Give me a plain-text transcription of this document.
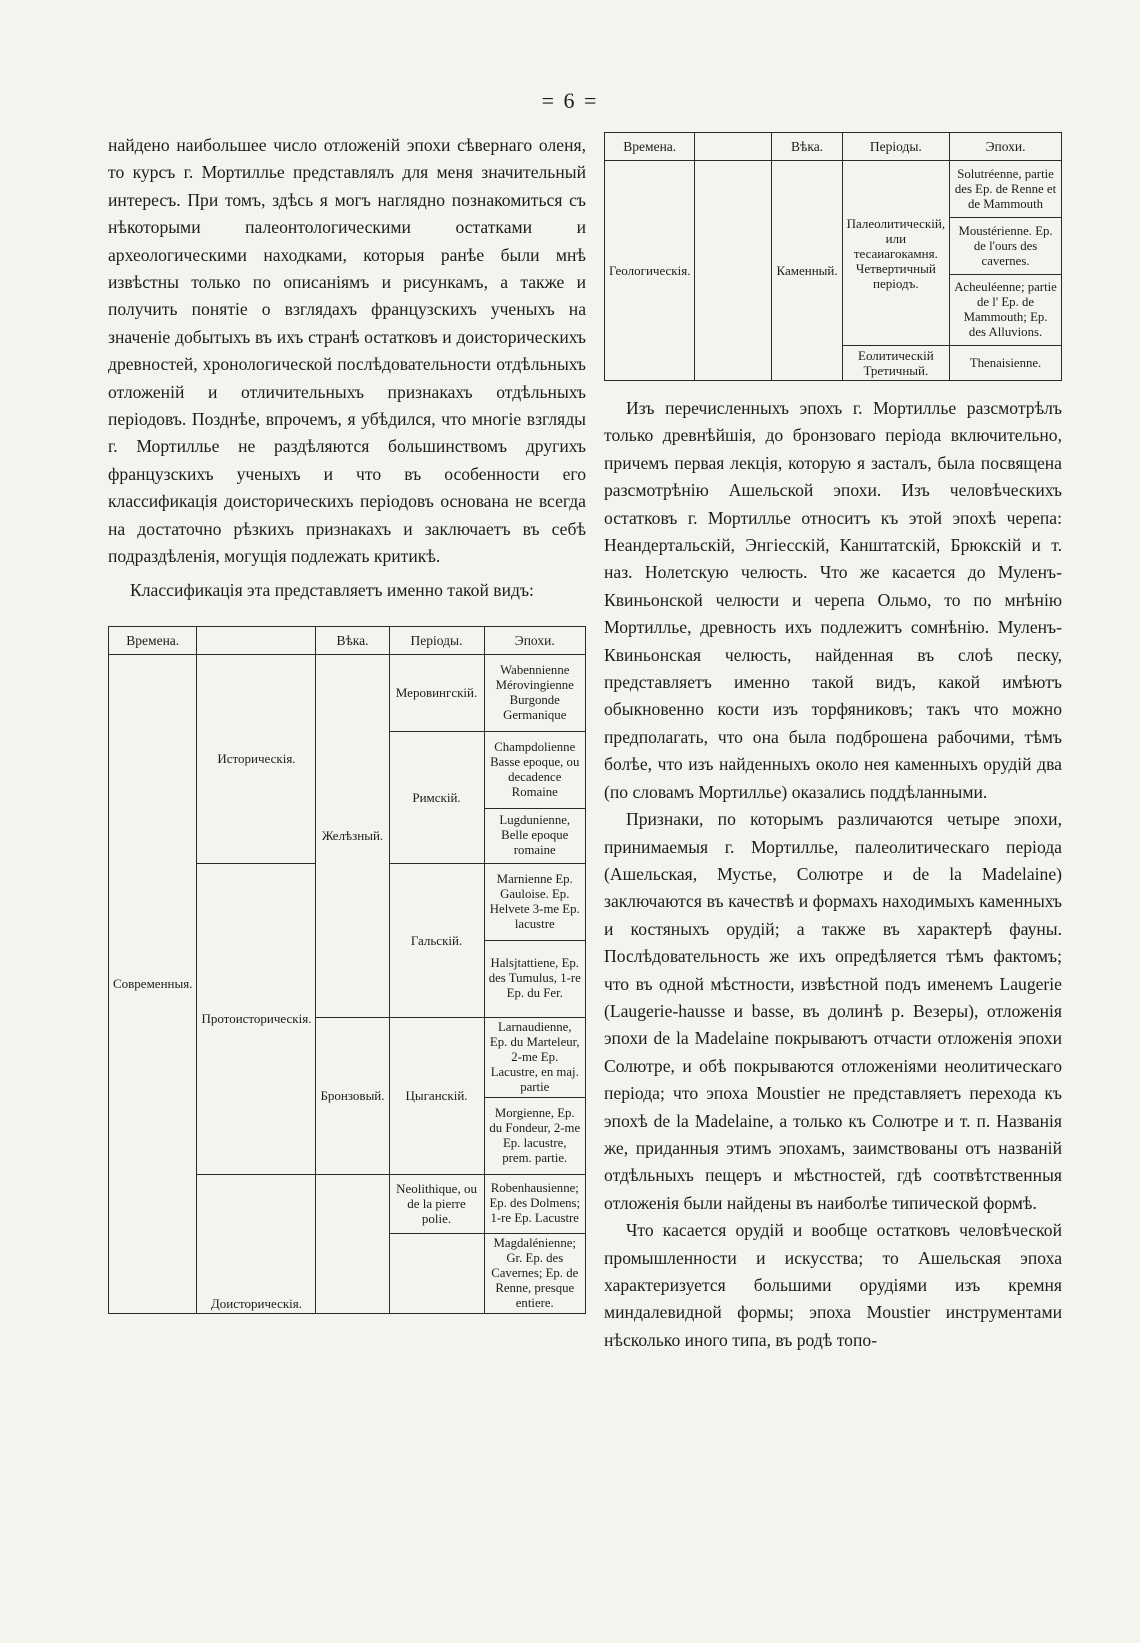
= 6 =

найдено наибольшее число отложеній эпохи сѣвернаго оленя, то курсъ г. Мортилльe представлялъ для меня значительный интересъ. При томъ, здѣсь я могъ наглядно познакомиться съ нѣкоторыми палеонтологическими остатками и археологическими находками, которыя ранѣе были мнѣ извѣстны только по описаніямъ и рисункамъ, а также и получить понятіе о взглядахъ французскихъ ученыхъ на значеніе добытыхъ въ ихъ странѣ остатковъ и доисторическихъ древностей, хронологической послѣдовательности отдѣльныхъ отложеній и отличительныхъ признакахъ отдѣльныхъ періодовъ. Позднѣе, впрочемъ, я убѣдился, что многіе взгляды г. Мортилльe не раздѣляются большинствомъ другихъ французскихъ ученыхъ и что въ особенности его классификація доисторическихъ періодовъ основана не всегда на достаточно рѣзкихъ признакахъ и заключаетъ въ себѣ подраздѣленія, могущія подлежать критикѣ.

Классификація эта представляетъ именно такой видъ:

Времена.		Вѣка.	Періоды.	Эпохи.
Современныя.	Историческія.	Желѣзный.	Меровингскій.	Wabennienne Mérovingienne Burgonde Germanique
			Римскій.	Champdolienne Basse epoque, ou decadence Romaine
				Lugdunienne, Belle epoque romaine
	Протоисторическія.		Гальскій.	Marnienne Ep. Gauloise. Ep. Helvete 3-me Ep. lacustre
				Halsjtattiene, Ep. des Tumulus, 1-re Ep. du Fer.
		Бронзовый.	Цыганскій.	Larnaudienne, Ep. du Marteleur, 2-me Ep. Lacustre, en maj. partie
				Morgienne, Ep. du Fondeur, 2-me Ep. lacustre, prem. partie.
	Доисторическія.		Neolithique, ou de la pierre polie.	Robenhausienne; Ep. des Dolmens; 1-re Ep. Lacustre
				Magdalénienne; Gr. Ep. des Cavernes; Ep. de Renne, presque entiere.
Времена.		Вѣка.	Періоды.	Эпохи.
Геологическія.		Каменный.	Палеолитическій, или тесаиагокамня. Четвертичный періодъ.	Solutréenne, partie des Ep. de Renne et de Mammouth
				Moustérienne. Ep. de l'ours des cavernes.
				Acheuléenne; partie de l' Ep. de Mammouth; Ep. des Alluvions.
			Еолитическій Третичный.	Thenaisienne.

Изъ перечисленныхъ эпохъ г. Мортилльe разсмотрѣлъ только древнѣйшія, до бронзоваго періода включительно, причемъ первая лекція, которую я засталъ, была посвящена разсмотрѣнію Ашельской эпохи. Изъ человѣческихъ остатковъ г. Мортилльe относитъ къ этой эпохѣ черепа: Неандертальскій, Энгіесскій, Канштатскій, Брюкскій и т. наз. Нолетскую челюсть. Что же касается до Муленъ-Квиньонской челюсти и черепа Ольмо, то по мнѣнію Мортилльe, древность ихъ подлежитъ сомнѣнію. Муленъ-Квиньонская челюсть, найденная въ слоѣ песку, представляетъ именно такой видъ, какой имѣютъ обыкновенно кости изъ торфяниковъ; такъ что можно предполагать, что она была подброшена рабочими, тѣмъ болѣе, что изъ найденныхъ около нея каменныхъ орудій два (по словамъ Мортилльe) оказались поддѣланными.

Признаки, по которымъ различаются четыре эпохи, принимаемыя г. Мортилльe, палеолитическаго періода (Ашельская, Мустье, Солютре и de la Madelaine) заключаются въ качествѣ и формахъ находимыхъ каменныхъ и костяныхъ орудій; а также въ характерѣ фауны. Послѣдовательность же ихъ опредѣляется тѣмъ фактомъ; что въ одной мѣстности, извѣстной подъ именемъ Laugerie (Laugerie-hausse и basse, въ долинѣ р. Везеры), отложенія эпохи de la Madelaine покрываютъ отчасти отложенія эпохи Солютре, и обѣ покрываются отложеніями неолитическаго періода; что эпоха Moustier не представляетъ перехода къ эпохѣ de la Madelaine, а только къ Солютре и т. п. Названія же, приданныя этимъ эпохамъ, заимствованы отъ названій отдѣльныхъ пещеръ и мѣстностей, гдѣ соотвѣтственныя отложенія были найдены въ наиболѣе типической формѣ.

Что касается орудій и вообще остатковъ человѣческой промышленности и искусства; то Ашельская эпоха характеризуется большими орудіями изъ кремня миндалевидной формы; эпоха Moustier инструментами нѣсколько иного типа, въ родѣ топо-
